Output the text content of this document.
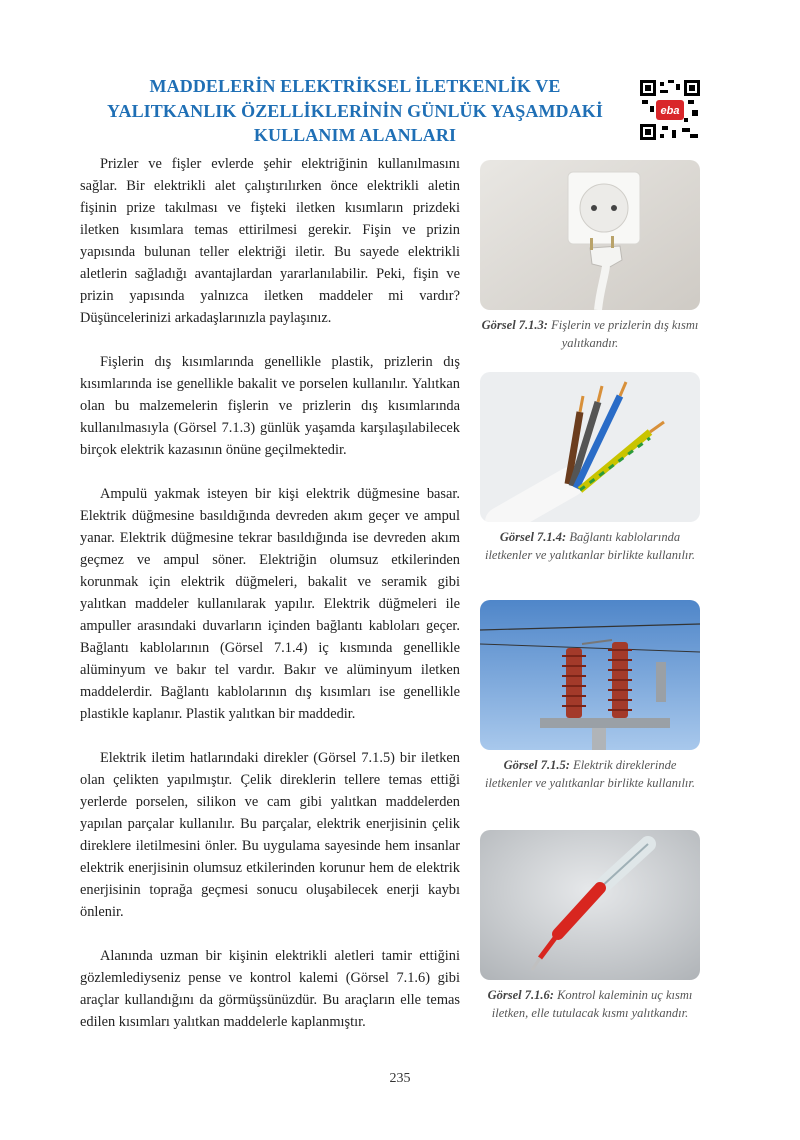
MADDELERİN ELEKTRİKSEL İLETKENLİK VE
YALITKANLIK ÖZELLİKLERİNİN GÜNLÜK YAŞAMDAKİ
KULLANIM ALANLARI
eba

Prizler ve fişler evlerde şehir elektriğinin kullanılmasını sağlar. Bir elektrikli alet çalıştırılırken önce elektrikli aletin fişinin prize takılması ve fişteki iletken kısımların prizdeki iletken kısımlara temas ettirilmesi gerekir. Fişin ve prizin yapısında bulunan teller elektriği iletir. Bu sayede elektrikli aletlerin sağladığı avantajlardan yararlanılabilir. Peki, fişin ve prizin yapısında yalnızca iletken maddeler mi vardır? Düşüncelerinizi arkadaşlarınızla paylaşınız.

Fişlerin dış kısımlarında genellikle plastik, prizlerin dış kısımlarında ise genellikle bakalit ve porselen kullanılır. Yalıtkan olan bu malzemelerin fişlerin ve prizlerin dış kısımlarında kullanılmasıyla (Görsel 7.1.3) günlük yaşamda karşılaşılabilecek birçok elektrik kazasının önüne geçilmektedir.

Ampulü yakmak isteyen bir kişi elektrik düğmesine basar. Elektrik düğmesine basıldığında devreden akım geçer ve ampul yanar. Elektrik düğmesine tekrar basıldığında ise devreden akım geçmez ve ampul söner. Elektriğin olumsuz etkilerinden korunmak için elektrik düğmeleri, bakalit ve seramik gibi yalıtkan maddeler kullanılarak yapılır. Elektrik düğmeleri ile ampuller arasındaki duvarların içinden bağlantı kabloları geçer. Bağlantı kablolarının (Görsel 7.1.4) iç kısmında genellikle alüminyum ve bakır tel vardır. Bakır ve alüminyum iletken maddelerdir. Bağlantı kablolarının dış kısımları ise genellikle plastikle kaplanır. Plastik yalıtkan bir maddedir.

Elektrik iletim hatlarındaki direkler (Görsel 7.1.5) bir iletken olan çelikten yapılmıştır. Çelik direklerin tellere temas ettiği yerlerde porselen, silikon ve cam gibi yalıtkan maddelerden yapılan parçalar kullanılır. Bu parçalar, elektrik enerjisinin çelik direklere iletilmesini önler. Bu uygulama sayesinde hem insanlar elektrik enerjisinin olumsuz etkilerinden korunur hem de elektrik enerjisinin toprağa geçmesi sonucu oluşabilecek enerji kaybı önlenir.

Alanında uzman bir kişinin elektrikli aletleri tamir ettiğini gözlemlediyseniz pense ve kontrol kalemi (Görsel 7.1.6) gibi araçlar kullandığını da görmüşsünüzdür. Bu araçların elle temas edilen kısımları yalıtkan maddelerle kaplanmıştır.

Görsel 7.1.3: Fişlerin ve prizlerin dış kısmı yalıtkandır.
Görsel 7.1.4: Bağlantı kablolarında iletkenler ve yalıtkanlar birlikte kullanılır.
Görsel 7.1.5: Elektrik direklerinde iletkenler ve yalıtkanlar birlikte kullanılır.
Görsel 7.1.6: Kontrol kaleminin uç kısmı iletken, elle tutulacak kısmı yalıtkandır.
235
